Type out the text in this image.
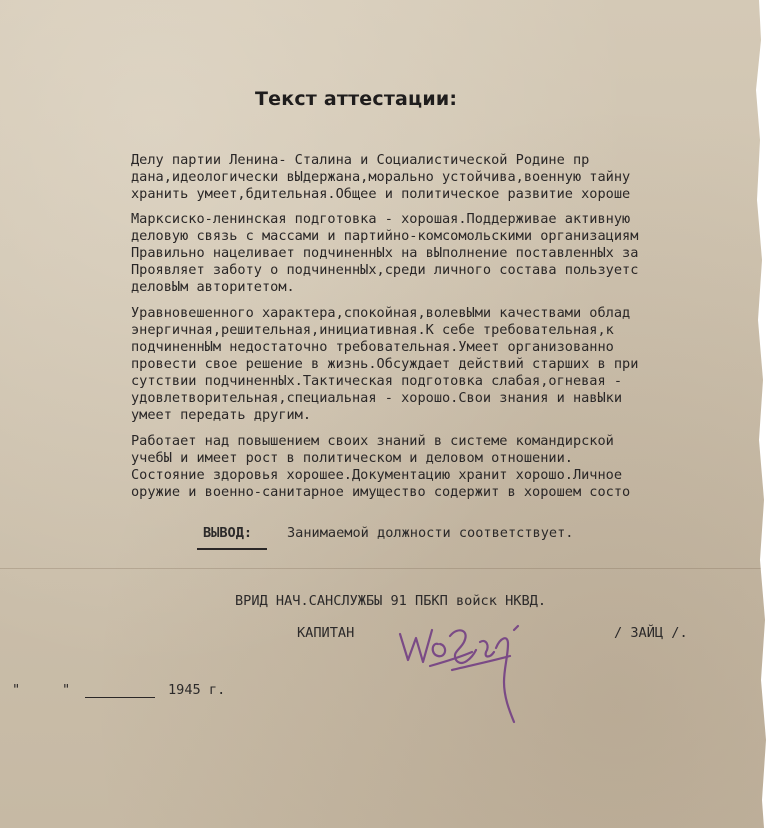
Текст аттестации:
Делу партии Ленина- Сталина и Социалистической Родине пр
дана,идеологически вЫдержана,морально устойчива,военную тайну
хранить умеет,бдительная.Общее и политическое развитие хороше
Марксиско-ленинская подготовка - хорошая.Поддерживае активную
деловую связь с массами и партийно-комсомольскими организациям
Правильно нацеливает подчиненнЫх на вЫполнение поставленнЫх за
Проявляет заботу о подчиненнЫх,среди личного состава пользуетс
деловЫм авторитетом.
Уравновешенного характера,спокойная,волевЫми качествами облад
энергичная,решительная,инициативная.К себе требовательная,к
подчиненнЫм недостаточно требовательная.Умеет организованно
провести свое решение в жизнь.Обсуждает действий старших в при
сутствии подчиненнЫх.Тактическая подготовка слабая,огневая -
удовлетворительная,специальная - хорошо.Свои знания и навЫки
умеет передать другим.
Работает над повышением своих знаний в системе командирской
учебЫ и имеет рост в политическом и деловом отношении.
Состояние здоровья хорошее.Документацию хранит хорошо.Личное
оружие и военно-санитарное имущество содержит в хорошем состо
ВЫВОД:	Занимаемой должности соответствует.
ВРИД НАЧ.САНСЛУЖБЫ 91 ПБКП войск НКВД.
КАПИТАН	/ ЗАЙЦ /.
"	"	1945 г.
